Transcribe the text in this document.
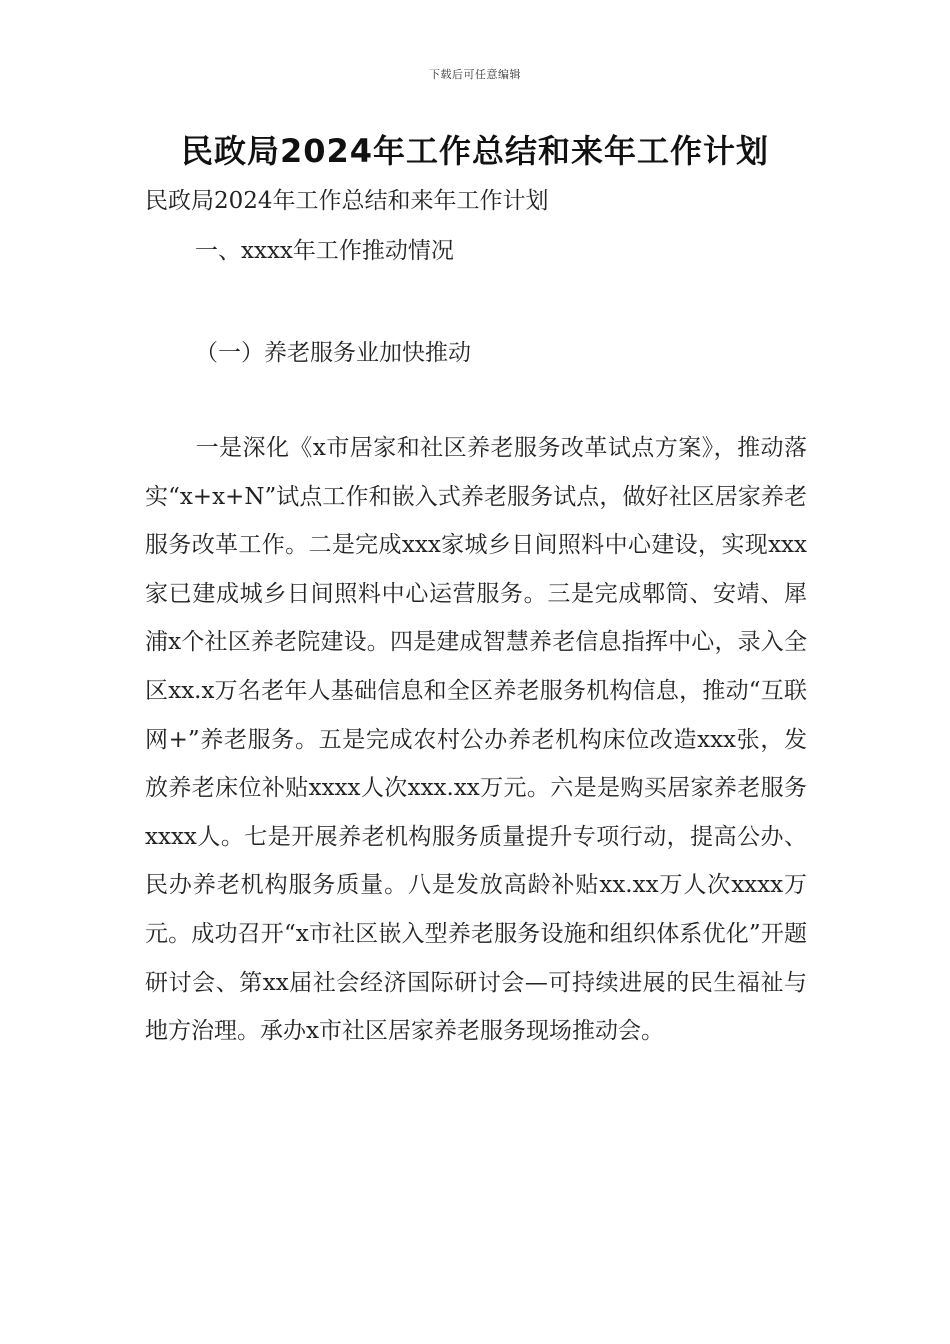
下载后可任意编辑
民政局2024年工作总结和来年工作计划
民政局2024年工作总结和来年工作计划
一、xxxx年工作推动情况
（一）养老服务业加快推动

一是深化《x市居家和社区养老服务改革试点方案》，推动落实“x+x+N”试点工作和嵌入式养老服务试点，做好社区居家养老服务改革工作。二是完成xxx家城乡日间照料中心建设，实现xxx家已建成城乡日间照料中心运营服务。三是完成郫筒、安靖、犀浦x个社区养老院建设。四是建成智慧养老信息指挥中心，录入全区xx.x万名老年人基础信息和全区养老服务机构信息，推动“互联网+”养老服务。五是完成农村公办养老机构床位改造xxx张，发放养老床位补贴xxxx人次xxx.xx万元。六是是购买居家养老服务xxxx人。七是开展养老机构服务质量提升专项行动，提高公办、民办养老机构服务质量。八是发放高龄补贴xx.xx万人次xxxx万元。成功召开“x市社区嵌入型养老服务设施和组织体系优化”开题研讨会、第xx届社会经济国际研讨会—可持续进展的民生福祉与地方治理。承办x市社区居家养老服务现场推动会。
